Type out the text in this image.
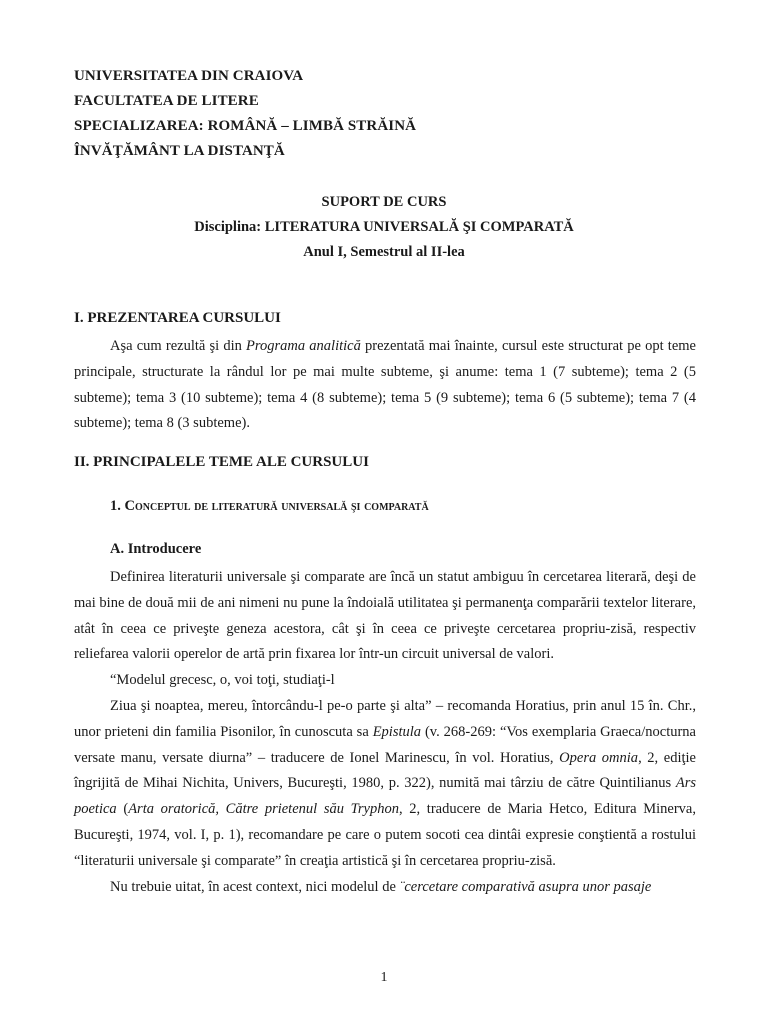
UNIVERSITATEA DIN CRAIOVA
FACULTATEA DE LITERE
SPECIALIZAREA: ROMÂNĂ – LIMBĂ STRĂINĂ
ÎNVĂŢĂMÂNT LA DISTANŢĂ
SUPORT DE CURS
Disciplina: LITERATURA UNIVERSALĂ ŞI COMPARATĂ
Anul I, Semestrul al II-lea
I. PREZENTAREA CURSULUI

Aşa cum rezultă şi din Programa analitică prezentată mai înainte, cursul este structurat pe opt teme principale, structurate la rândul lor pe mai multe subteme, şi anume: tema 1 (7 subteme); tema 2 (5 subteme); tema 3 (10 subteme); tema 4 (8 subteme); tema 5 (9 subteme); tema 6 (5 subteme); tema 7 (4 subteme); tema 8 (3 subteme).

II. PRINCIPALELE TEME ALE CURSULUI
1. Conceptul de literatură universală şi comparată
A. Introducere

Definirea literaturii universale şi comparate are încă un statut ambiguu în cercetarea literară, deşi de mai bine de două mii de ani nimeni nu pune la îndoială utilitatea şi permanenţa comparării textelor literare, atât în ceea ce priveşte geneza acestora, cât şi în ceea ce priveşte cercetarea propriu-zisă, respectiv reliefarea valorii operelor de artă prin fixarea lor într-un circuit universal de valori.

“Modelul grecesc, o, voi toţi, studiaţi-l

Ziua şi noaptea, mereu, întorcându-l pe-o parte şi alta” – recomanda Horatius, prin anul 15 în. Chr., unor prieteni din familia Pisonilor, în cunoscuta sa Epistula (v. 268-269: “Vos exemplaria Graeca/nocturna versate manu, versate diurna” – traducere de Ionel Marinescu, în vol. Horatius, Opera omnia, 2, ediţie îngrijită de Mihai Nichita, Univers, Bucureşti, 1980, p. 322), numită mai târziu de către Quintilianus Ars poetica (Arta oratorică, Către prietenul său Tryphon, 2, traducere de Maria Hetco, Editura Minerva, Bucureşti, 1974, vol. I, p. 1), recomandare pe care o putem socoti cea dintâi expresie conştientă a rostului “literaturii universale şi comparate” în creaţia artistică şi în cercetarea propriu-zisă.

Nu trebuie uitat, în acest context, nici modelul de ¨cercetare comparativă asupra unor pasaje

1
